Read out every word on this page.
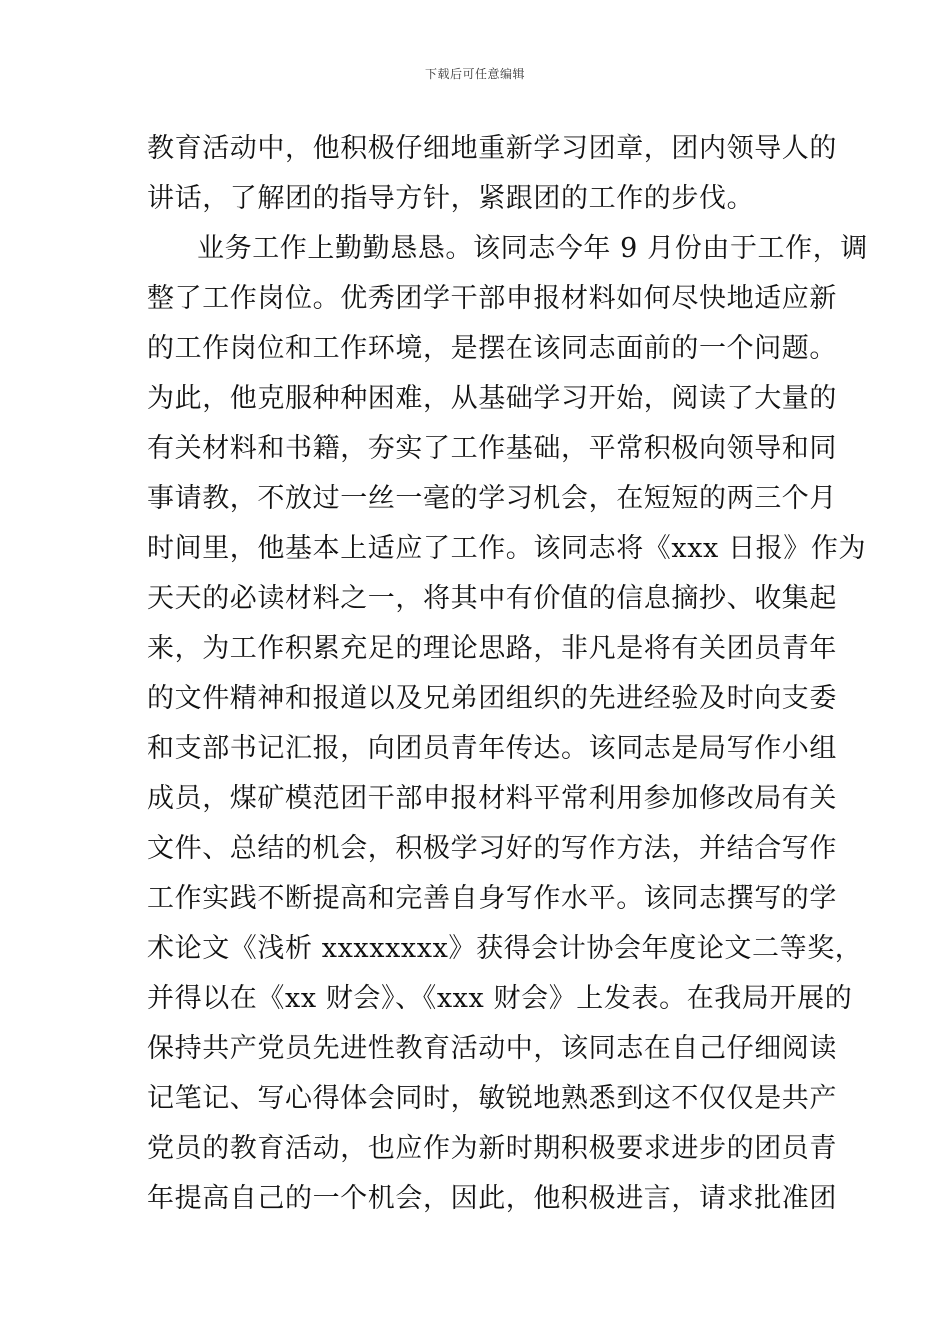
下载后可任意编辑
教育活动中，他积极仔细地重新学习团章，团内领导人的
讲话，了解团的指导方针，紧跟团的工作的步伐。
业务工作上勤勤恳恳。该同志今年 9 月份由于工作，调
整了工作岗位。优秀团学干部申报材料如何尽快地适应新
的工作岗位和工作环境，是摆在该同志面前的一个问题。
为此，他克服种种困难，从基础学习开始，阅读了大量的
有关材料和书籍，夯实了工作基础，平常积极向领导和同
事请教，不放过一丝一毫的学习机会，在短短的两三个月
时间里，他基本上适应了工作。该同志将《xxx 日报》作为
天天的必读材料之一，将其中有价值的信息摘抄、收集起
来，为工作积累充足的理论思路，非凡是将有关团员青年
的文件精神和报道以及兄弟团组织的先进经验及时向支委
和支部书记汇报，向团员青年传达。该同志是局写作小组
成员，煤矿模范团干部申报材料平常利用参加修改局有关
文件、总结的机会，积极学习好的写作方法，并结合写作
工作实践不断提高和完善自身写作水平。该同志撰写的学
术论文《浅析 xxxxxxxx》获得会计协会年度论文二等奖，
并得以在《xx 财会》、《xxx 财会》上发表。在我局开展的
保持共产党员先进性教育活动中，该同志在自己仔细阅读
记笔记、写心得体会同时，敏锐地熟悉到这不仅仅是共产
党员的教育活动，也应作为新时期积极要求进步的团员青
年提高自己的一个机会，因此，他积极进言，请求批准团
